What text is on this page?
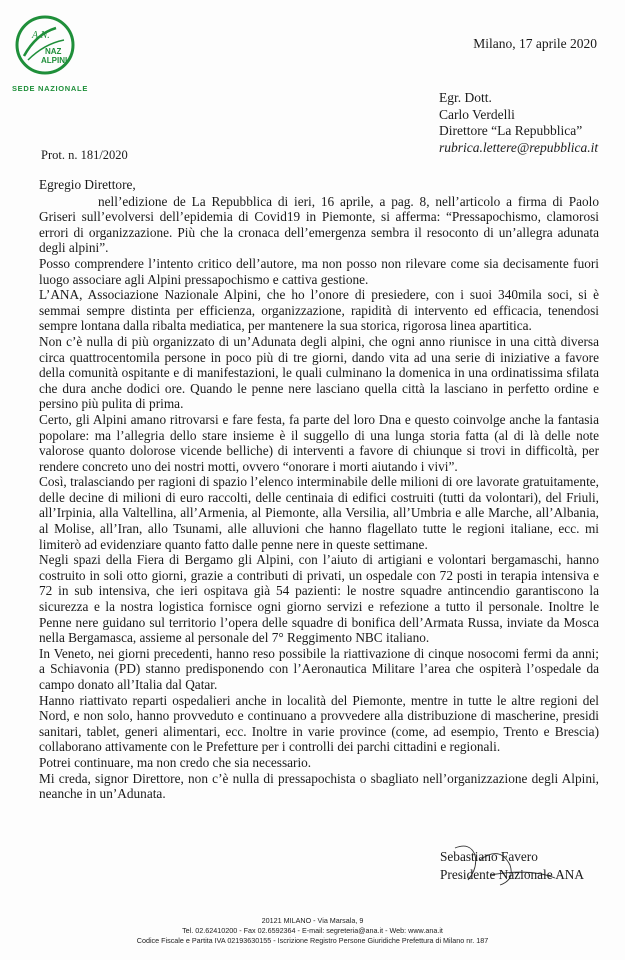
A.N.
NAZ
ALPINI
SEDE NAZIONALE
Milano, 17 aprile 2020
Egr. Dott.
Carlo Verdelli
Direttore “La Repubblica”
rubrica.lettere@repubblica.it
Prot. n. 181/2020
Egregio Direttore,

nell’edizione de La Repubblica di ieri, 16 aprile, a pag. 8, nell’articolo a firma di Paolo Griseri sull’evolversi dell’epidemia di Covid19 in Piemonte, si afferma: “Pressapochismo, clamorosi errori di organizzazione. Più che la cronaca dell’emergenza sembra il resoconto di un’allegra adunata degli alpini”.

Posso comprendere l’intento critico dell’autore, ma non posso non rilevare come sia decisamente fuori luogo associare agli Alpini pressapochismo e cattiva gestione.

L’ANA, Associazione Nazionale Alpini, che ho l’onore di presiedere, con i suoi 340mila soci, si è semmai sempre distinta per efficienza, organizzazione, rapidità di intervento ed efficacia, tenendosi sempre lontana dalla ribalta mediatica, per mantenere la sua storica, rigorosa linea apartitica.

Non c’è nulla di più organizzato di un’Adunata degli alpini, che ogni anno riunisce in una città diversa circa quattrocentomila persone in poco più di tre giorni, dando vita ad una serie di iniziative a favore della comunità ospitante e di manifestazioni, le quali culminano la domenica in una ordinatissima sfilata che dura anche dodici ore. Quando le penne nere lasciano quella città la lasciano in perfetto ordine e persino più pulita di prima.

Certo, gli Alpini amano ritrovarsi e fare festa, fa parte del loro Dna e questo coinvolge anche la fantasia popolare: ma l’allegria dello stare insieme è il suggello di una lunga storia fatta (al di là delle note valorose quanto dolorose vicende belliche) di interventi a favore di chiunque si trovi in difficoltà, per rendere concreto uno dei nostri motti, ovvero “onorare i morti aiutando i vivi”.

Così, tralasciando per ragioni di spazio l’elenco interminabile delle milioni di ore lavorate gratuitamente, delle decine di milioni di euro raccolti, delle centinaia di edifici costruiti (tutti da volontari), del Friuli, all’Irpinia, alla Valtellina, all’Armenia, al Piemonte, alla Versilia, all’Umbria e alle Marche, all’Albania, al Molise, all’Iran, allo Tsunami, alle alluvioni che hanno flagellato tutte le regioni italiane, ecc. mi limiterò ad evidenziare quanto fatto dalle penne nere in queste settimane.

Negli spazi della Fiera di Bergamo gli Alpini, con l’aiuto di artigiani e volontari bergamaschi, hanno costruito in soli otto giorni, grazie a contributi di privati, un ospedale con 72 posti in terapia intensiva e 72 in sub intensiva, che ieri ospitava già 54 pazienti: le nostre squadre antincendio garantiscono la sicurezza e la nostra logistica fornisce ogni giorno servizi e refezione a tutto il personale. Inoltre le Penne nere guidano sul territorio l’opera delle squadre di bonifica dell’Armata Russa, inviate da Mosca nella Bergamasca, assieme al personale del 7° Reggimento NBC italiano.

In Veneto, nei giorni precedenti, hanno reso possibile la riattivazione di cinque nosocomi fermi da anni; a Schiavonia (PD) stanno predisponendo con l’Aeronautica Militare l’area che ospiterà l’ospedale da campo donato all’Italia dal Qatar.

Hanno riattivato reparti ospedalieri anche in località del Piemonte, mentre in tutte le altre regioni del Nord, e non solo, hanno provveduto e continuano a provvedere alla distribuzione di mascherine, presidi sanitari, tablet, generi alimentari, ecc. Inoltre in varie province (come, ad esempio, Trento e Brescia) collaborano attivamente con le Prefetture per i controlli dei parchi cittadini e regionali.

Potrei continuare, ma non credo che sia necessario.

Mi creda, signor Direttore, non c’è nulla di pressapochista o sbagliato nell’organizzazione degli Alpini, neanche in un’Adunata.

Sebastiano Favero
Presidente Nazionale ANA
20121 MILANO - Via Marsala, 9
Tel. 02.62410200 - Fax 02.6592364 - E-mail: segreteria@ana.it - Web: www.ana.it
Codice Fiscale e Partita IVA 02193630155 - Iscrizione Registro Persone Giuridiche Prefettura di Milano nr. 187
